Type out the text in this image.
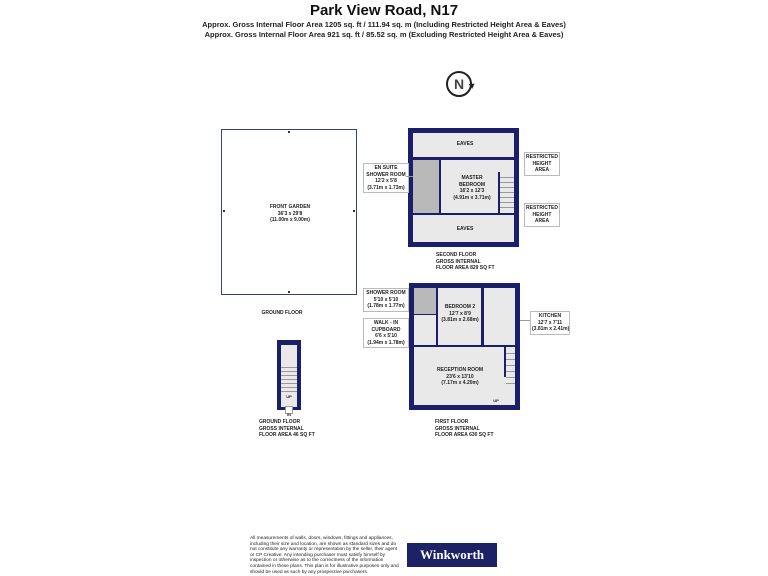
Park View Road, N17
Approx. Gross Internal Floor Area 1205 sq. ft / 111.94 sq. m (Including Restricted Height Area & Eaves)
Approx. Gross Internal Floor Area 921 sq. ft / 85.52 sq. m (Excluding Restricted Height Area & Eaves)
N
FRONT GARDEN
36'3 x 29'8
(11.00m x 9.00m)
GROUND FLOOR
UP
IN
GROUND FLOOR
GROSS INTERNAL
FLOOR AREA 46 SQ FT
EAVES
EAVES
MASTER
BEDROOM
16'2 x 12'3
(4.91m x 3.71m)
EN SUITE
SHOWER ROOM
12'2 x 5'8
(3.71m x 1.73m)
RESTRICTED
HEIGHT
AREA
RESTRICTED
HEIGHT
AREA
SECOND FLOOR
GROSS INTERNAL
FLOOR AREA 829 SQ FT
UP
BEDROOM 2
12'7 x 8'9
(3.81m x 2.68m)
RECEPTION ROOM
23'6 x 13'10
(7.17m x 4.20m)
SHOWER ROOM
5'10 x 5'10
(1.78m x 1.77m)
WALK - IN
CUPBOARD
6'6 x 5'10
(1.94m x 1.78m)
KITCHEN
12'7 x 7'11
(3.81m x 2.41m)
FIRST FLOOR
GROSS INTERNAL
FLOOR AREA 630 SQ FT
All measurements of walls, doors, windows, fittings and appliances, including their size and location, are shown as standard sizes and do not constitute any warranty or representation by the seller, their agent or CP Creative. Any intending purchaser must satisfy himself by inspection or otherwise as to the correctness of the information contained in these plans. This plan is for illustrative purposes only and should be used as such by any prospective purchasers.
Winkworth
